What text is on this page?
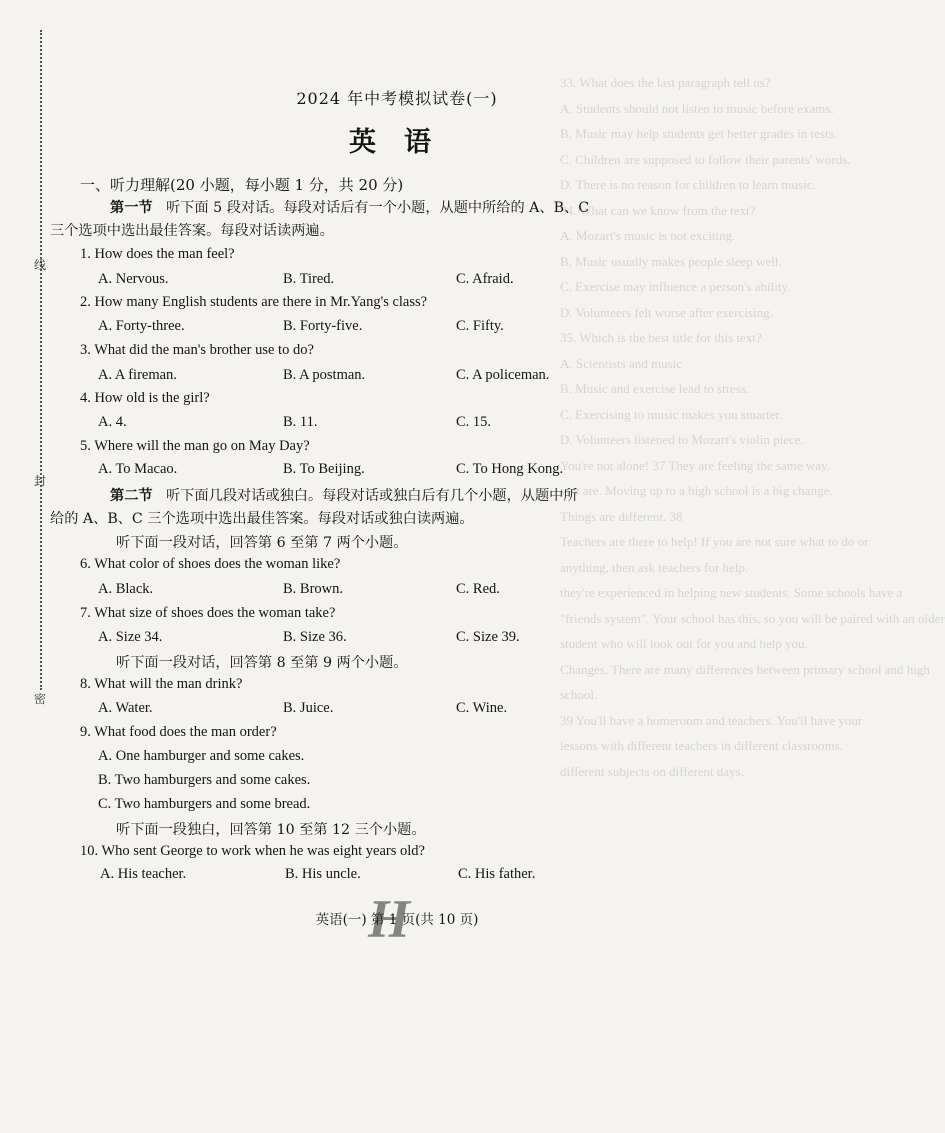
线
封
密
33. What does the last paragraph tell us?
A. Students should not listen to music before exams.
B. Music may help students get better grades in tests.
C. Children are supposed to follow their parents' words.
D. There is no reason for children to learn music.
34. What can we know from the text?
A. Mozart's music is not exciting.
B. Music usually makes people sleep well.
C. Exercise may influence a person's ability.
D. Volunteers felt worse after exercising.
35. Which is the best title for this text?
A. Scientists and music
B. Music and exercise lead to stress.
C. Exercising to music makes you smarter.
D. Volunteers listened to Mozart's violin piece.
You're not alone! 37 They are feeling the same way.
you are. Moving up to a high school is a big change.
Things are different. 38
Teachers are there to help! If you are not sure what to do or
anything, then ask teachers for help.
they're experienced in helping new students. Some schools have a
"friends system". Your school has this, so you will be paired with an older
student who will look out for you and help you.
Changes. There are many differences between primary school and high
school.
39 You'll have a homeroom and teachers. You'll have your
lessons with different teachers in different classrooms.
different subjects on different days.
2024 年中考模拟试卷(一)
英语
一、听力理解(20 小题，每小题 1 分，共 20 分)
第一节 听下面 5 段对话。每段对话后有一个小题，从题中所给的 A、B、C
三个选项中选出最佳答案。每段对话读两遍。
1. How does the man feel?
A. Nervous.	B. Tired.	C. Afraid.
2. How many English students are there in Mr.Yang's class?
A. Forty-three.	B. Forty-five.	C. Fifty.
3. What did the man's brother use to do?
A. A fireman.	B. A postman.	C. A policeman.
4. How old is the girl?
A. 4.	B. 11.	C. 15.
5. Where will the man go on May Day?
A. To Macao.	B. To Beijing.	C. To Hong Kong.
第二节 听下面几段对话或独白。每段对话或独白后有几个小题，从题中所
给的 A、B、C 三个选项中选出最佳答案。每段对话或独白读两遍。
听下面一段对话，回答第 6 至第 7 两个小题。
6. What color of shoes does the woman like?
A. Black.	B. Brown.	C. Red.
7. What size of shoes does the woman take?
A. Size 34.	B. Size 36.	C. Size 39.
听下面一段对话，回答第 8 至第 9 两个小题。
8. What will the man drink?
A. Water.	B. Juice.	C. Wine.
9. What food does the man order?
A. One hamburger and some cakes.
B. Two hamburgers and some cakes.
C. Two hamburgers and some bread.
听下面一段独白，回答第 10 至第 12 三个小题。
10. Who sent George to work when he was eight years old?
A. His teacher.	B. His uncle.	C. His father.
H
英语(一) 第 1 页(共 10 页)
